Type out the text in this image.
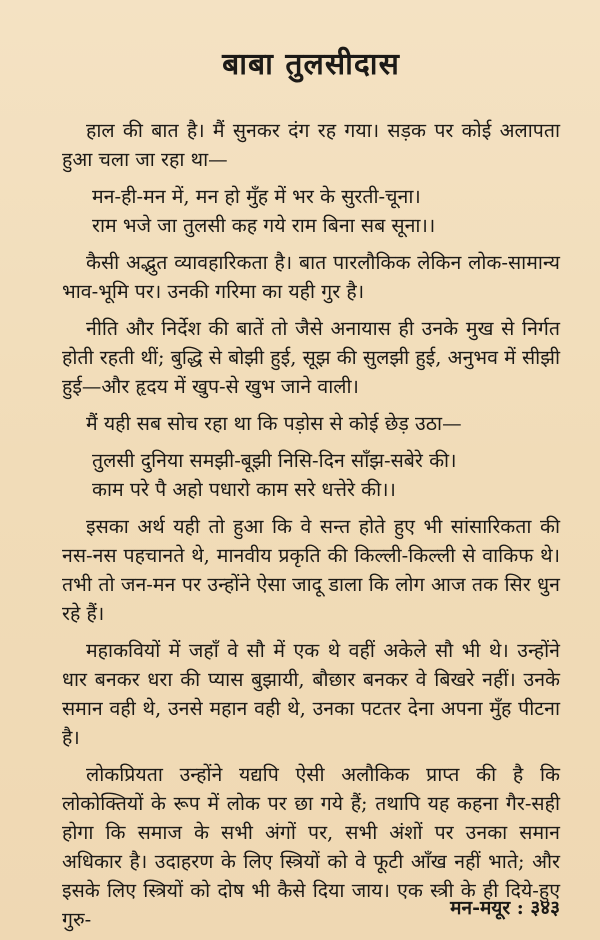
बाबा तुलसीदास

हाल की बात है। मैं सुनकर दंग रह गया। सड़क पर कोई अलापता हुआ चला जा रहा था—

मन-ही-मन में, मन हो मुँह में भर के सुरती-चूना।
राम भजे जा तुलसी कह गये राम बिना सब सूना।।

कैसी अद्भुत व्यावहारिकता है। बात पारलौकिक लेकिन लोक-सामान्य भाव-भूमि पर। उनकी गरिमा का यही गुर है।

नीति और निर्देश की बातें तो जैसे अनायास ही उनके मुख से निर्गत होती रहती थीं; बुद्धि से बोझी हुई, सूझ की सुलझी हुई, अनुभव में सीझी हुई—और हृदय में खुप-से खुभ जाने वाली।

मैं यही सब सोच रहा था कि पड़ोस से कोई छेड़ उठा—

तुलसी दुनिया समझी-बूझी निसि-दिन साँझ-सबेरे की।
काम परे पै अहो पधारो काम सरे धत्तेरे की।।

इसका अर्थ यही तो हुआ कि वे सन्त होते हुए भी सांसारिकता की नस-नस पहचानते थे, मानवीय प्रकृति की किल्ली-किल्ली से वाकिफ थे। तभी तो जन-मन पर उन्होंने ऐसा जादू डाला कि लोग आज तक सिर धुन रहे हैं।

महाकवियों में जहाँ वे सौ में एक थे वहीं अकेले सौ भी थे। उन्होंने धार बनकर धरा की प्यास बुझायी, बौछार बनकर वे बिखरे नहीं। उनके समान वही थे, उनसे महान वही थे, उनका पटतर देना अपना मुँह पीटना है।

लोकप्रियता उन्होंने यद्यपि ऐसी अलौकिक प्राप्त की है कि लोकोक्तियों के रूप में लोक पर छा गये हैं; तथापि यह कहना गैर-सही होगा कि समाज के सभी अंगों पर, सभी अंशों पर उनका समान अधिकार है। उदाहरण के लिए स्त्रियों को वे फूटी आँख नहीं भाते; और इसके लिए स्त्रियों को दोष भी कैसे दिया जाय। एक स्त्री के ही दिये-हुए गुरु-	मन-मयूर : ३४३
